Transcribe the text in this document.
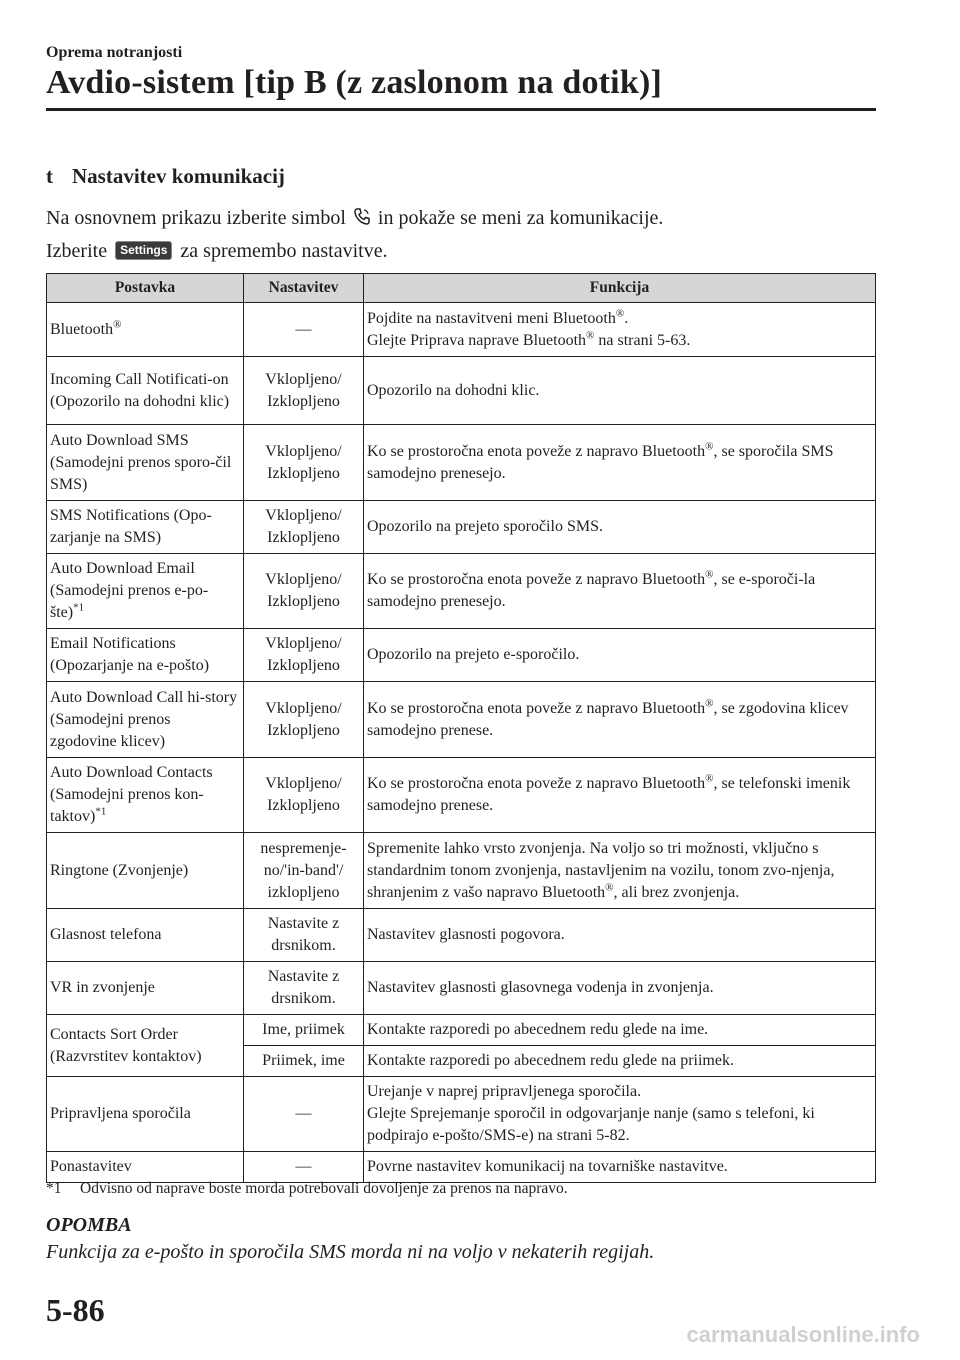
Oprema notranjosti
Avdio-sistem [tip B (z zaslonom na dotik)]
t Nastavitev komunikacij
Na osnovnem prikazu izberite simbol in pokaže se meni za komunikacije.
Izberite Settings za spremembo nastavitve.
Postavka	Nastavitev	Funkcija
Bluetooth®	—	Pojdite na nastavitveni meni Bluetooth®.
Glejte Priprava naprave Bluetooth® na strani 5-63.

Incoming Call Notificati-on (Opozorilo na dohodni klic)	Vklopljeno/ Izklopljeno	Opozorilo na dohodni klic.
Auto Download SMS (Samodejni prenos sporo-čil SMS)	Vklopljeno/ Izklopljeno	Ko se prostoročna enota poveže z napravo Bluetooth®, se sporočila SMS samodejno prenesejo.
SMS Notifications (Opo-zarjanje na SMS)	Vklopljeno/ Izklopljeno	Opozorilo na prejeto sporočilo SMS.
Auto Download Email (Samodejni prenos e-po-šte)$^{*1}$	Vklopljeno/ Izklopljeno	Ko se prostoročna enota poveže z napravo Bluetooth®, se e-sporoči-la samodejno prenesejo.
Email Notifications (Opozarjanje na e-pošto)	Vklopljeno/ Izklopljeno	Opozorilo na prejeto e-sporočilo.
Auto Download Call hi-story (Samodejni prenos zgodovine klicev)	Vklopljeno/ Izklopljeno	Ko se prostoročna enota poveže z napravo Bluetooth®, se zgodovina klicev samodejno prenese.
Auto Download Contacts (Samodejni prenos kon-taktov)$^{*1}$	Vklopljeno/ Izklopljeno	Ko se prostoročna enota poveže z napravo Bluetooth®, se telefonski imenik samodejno prenese.
Ringtone (Zvonjenje)	nespremenje-no/'in-band'/ izklopljeno	Spremenite lahko vrsto zvonjenja. Na voljo so tri možnosti, vključno s standardnim tonom zvonjenja, nastavljenim na vozilu, tonom zvo-njenja, shranjenim z vašo napravo Bluetooth®, ali brez zvonjenja.
Glasnost telefona	Nastavite z drsnikom.	Nastavitev glasnosti pogovora.
VR in zvonjenje	Nastavite z drsnikom.	Nastavitev glasnosti glasovnega vodenja in zvonjenja.
Contacts Sort Order (Razvrstitev kontaktov)	Ime, priimek	Kontakte razporedi po abecednem redu glede na ime.
	Priimek, ime	Kontakte razporedi po abecednem redu glede na priimek.
Pripravljena sporočila	—	Urejanje v naprej pripravljenega sporočila.
Glejte Sprejemanje sporočil in odgovarjanje nanje (samo s telefoni, ki podpirajo e-pošto/SMS-e) na strani 5-82.

Ponastavitev	—	Povrne nastavitev komunikacij na tovarniške nastavitve.
*1 Odvisno od naprave boste morda potrebovali dovoljenje za prenos na napravo.
OPOMBA
Funkcija za e-pošto in sporočila SMS morda ni na voljo v nekaterih regijah.
5-86
carmanualsonline.info
